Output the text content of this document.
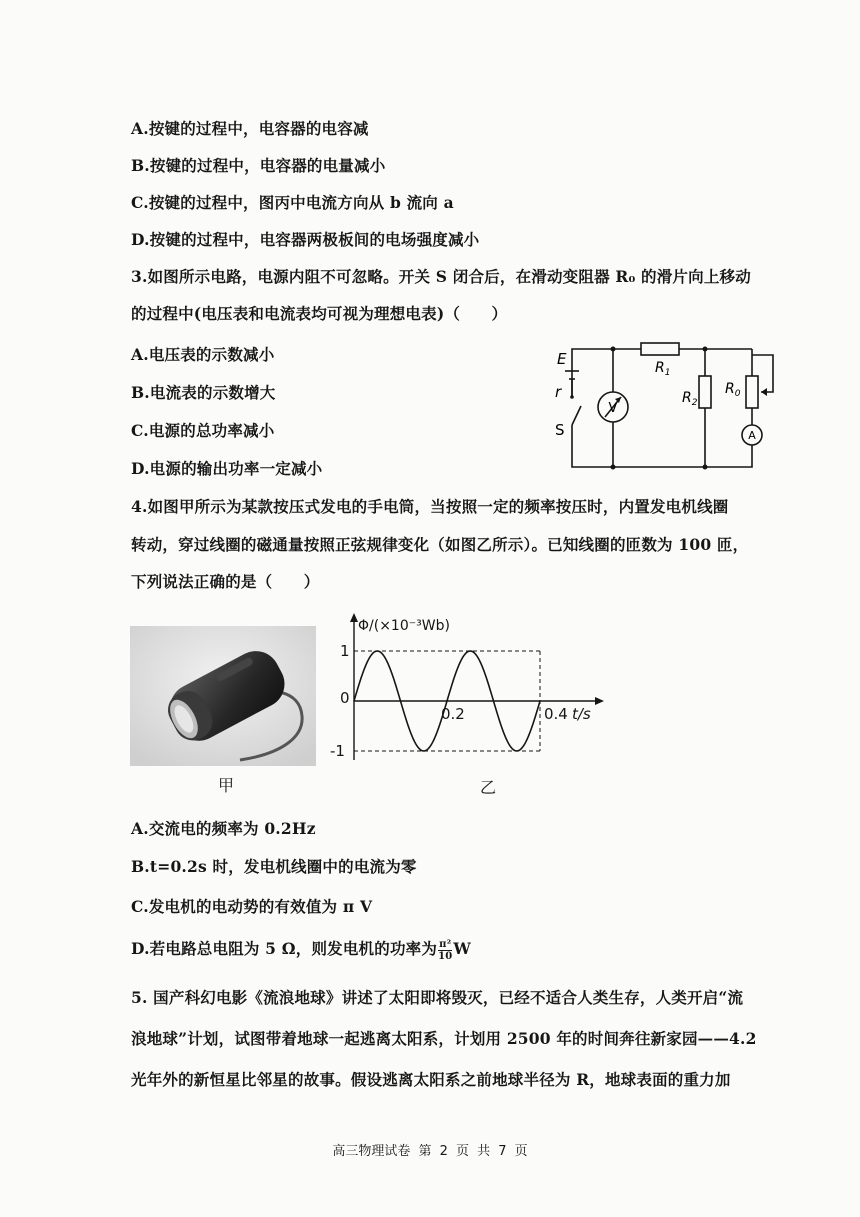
A.按键的过程中，电容器的电容减
B.按键的过程中，电容器的电量减小
C.按键的过程中，图丙中电流方向从 b 流向 a
D.按键的过程中，电容器两极板间的电场强度减小
3.如图所示电路，电源内阻不可忽略。开关 S 闭合后，在滑动变阻器 R₀ 的滑片向上移动
的过程中(电压表和电流表均可视为理想电表)（　　）
A.电压表的示数减小
B.电流表的示数增大
C.电源的总功率减小
D.电源的输出功率一定减小
E
r
S
$R_1$
$R_2$
$R_0$
V
A
4.如图甲所示为某款按压式发电的手电筒，当按照一定的频率按压时，内置发电机线圈
转动，穿过线圈的磁通量按照正弦规律变化（如图乙所示）。已知线圈的匝数为 100 匝，
下列说法正确的是（　　）
甲
Φ/(×10⁻³Wb)
0
1
-1
0.2	0.4 t/s
乙
A.交流电的频率为 0.2Hz
B.t=0.2s 时，发电机线圈中的电流为零
C.发电机的电动势的有效值为 π V
D.若电路总电阻为 5 Ω，则发电机的功率为 $\frac{\text{π²}}{10}$ W
5. 国产科幻电影《流浪地球》讲述了太阳即将毁灭，已经不适合人类生存，人类开启“流
浪地球”计划，试图带着地球一起逃离太阳系，计划用 2500 年的时间奔往新家园——4.2
光年外的新恒星比邻星的故事。假设逃离太阳系之前地球半径为 R，地球表面的重力加
高三物理试卷 第 2 页 共 7 页
